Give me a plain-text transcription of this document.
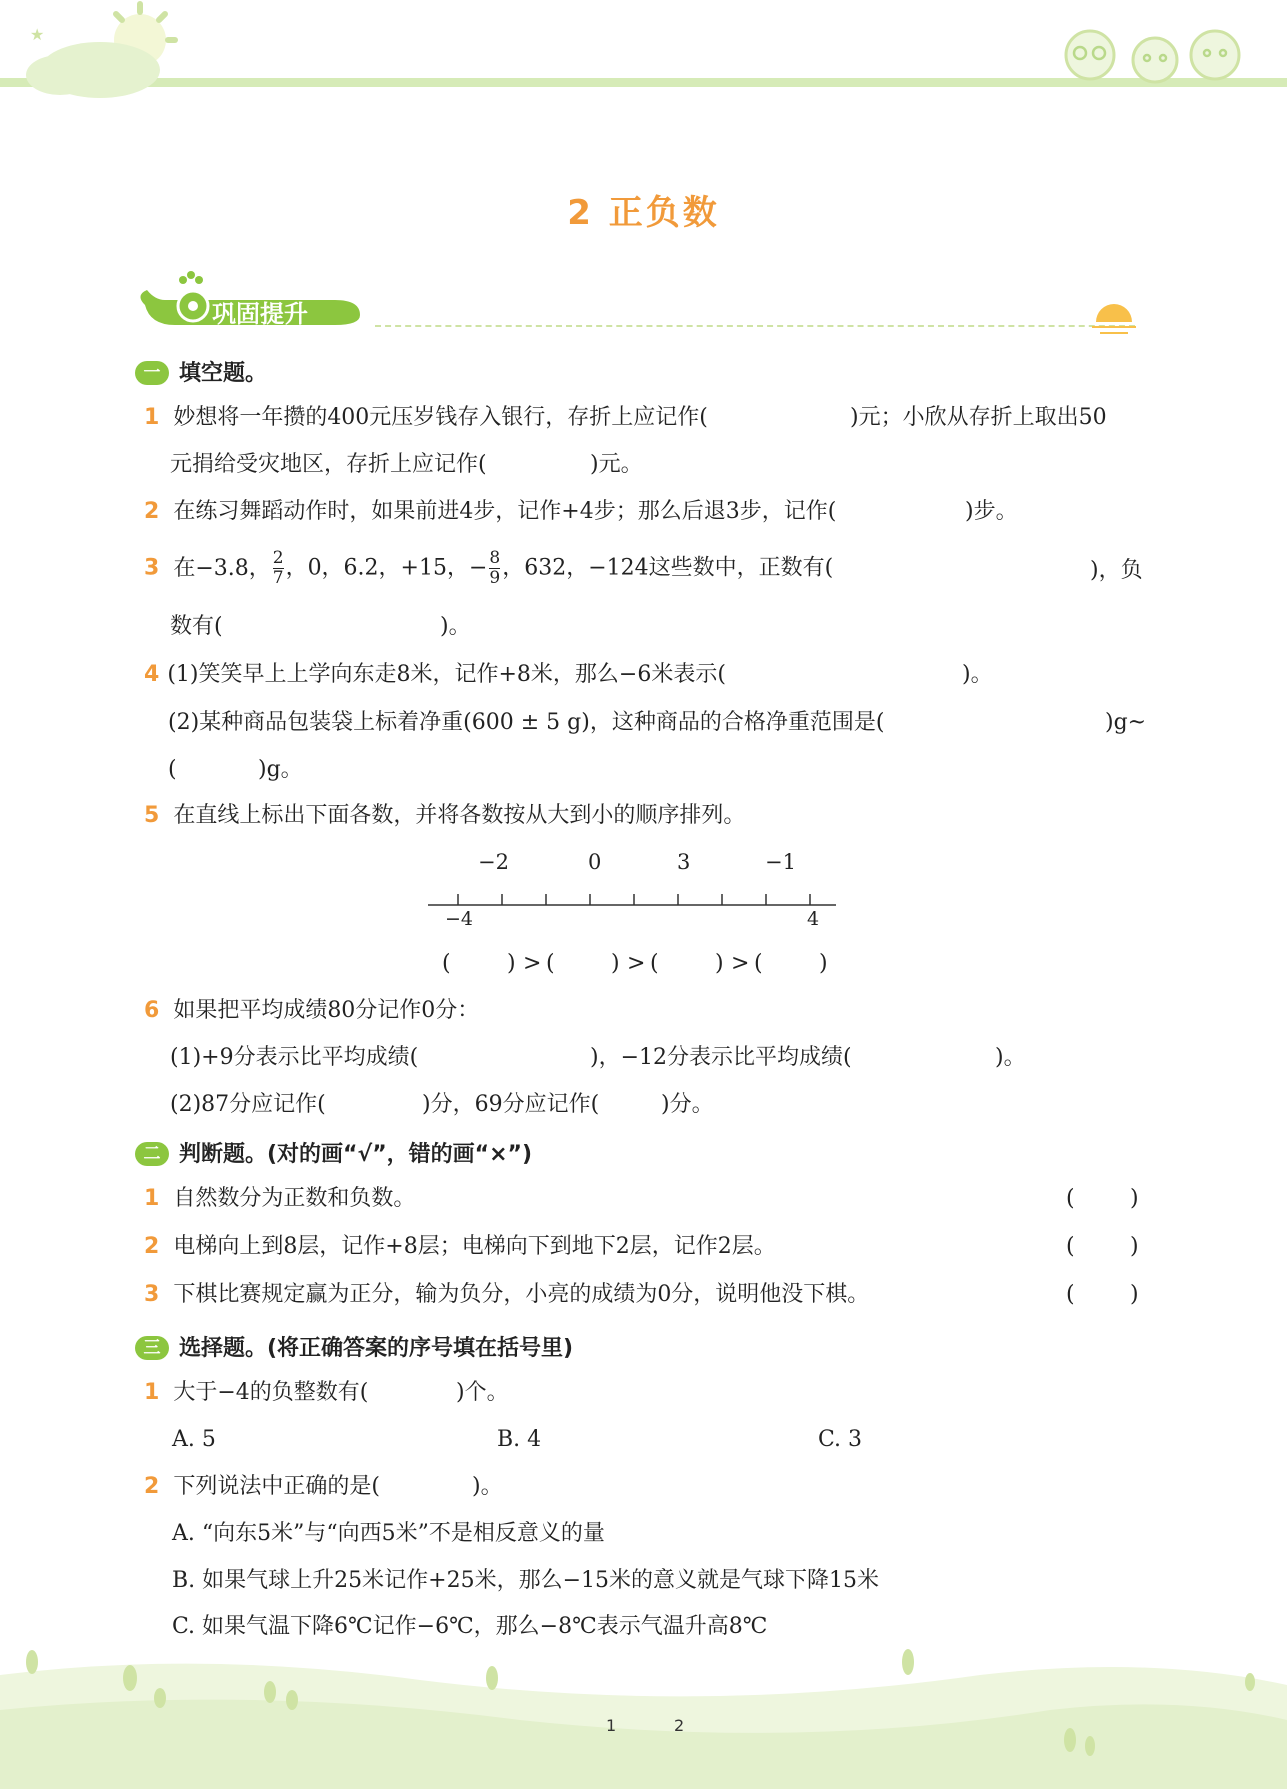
★
2 正负数
巩固提升
一 填空题。
1 妙想将一年攒的400元压岁钱存入银行，存折上应记作(	)元；小欣从存折上取出50
元捐给受灾地区，存折上应记作(	)元。
2 在练习舞蹈动作时，如果前进4步，记作+4步；那么后退3步，记作(	)步。
3 在−3.8， $\frac{2}{7}$ ，0，6.2，+15，− $\frac{8}{9}$ ，632，−124这些数中，正数有(	)，负
数有(	)。
4 (1)笑笑早上上学向东走8米，记作+8米，那么−6米表示(	)。
(2)某种商品包装袋上标着净重(600 ± 5 g)，这种商品的合格净重范围是(	)g~
(	)g。
5 在直线上标出下面各数，并将各数按从大到小的顺序排列。
−2	0	3	−1
−4	4
(	) > (	) > (	) > (	)
6 如果把平均成绩80分记作0分：
(1)+9分表示比平均成绩(	)，−12分表示比平均成绩(	)。
(2)87分应记作(	)分，69分应记作(	)分。
二 判断题。(对的画“√”，错的画“×”)
1 自然数分为正数和负数。	(	)
2 电梯向上到8层，记作+8层；电梯向下到地下2层，记作2层。	(	)
3 下棋比赛规定赢为正分，输为负分，小亮的成绩为0分，说明他没下棋。	(	)
三 选择题。(将正确答案的序号填在括号里)
1 大于−4的负整数有(	)个。
A. 5	B. 4	C. 3
2 下列说法中正确的是(	)。
A. “向东5米”与“向西5米”不是相反意义的量
B. 如果气球上升25米记作+25米，那么−15米的意义就是气球下降15米
C. 如果气温下降6℃记作−6℃，那么−8℃表示气温升高8℃
1	2
